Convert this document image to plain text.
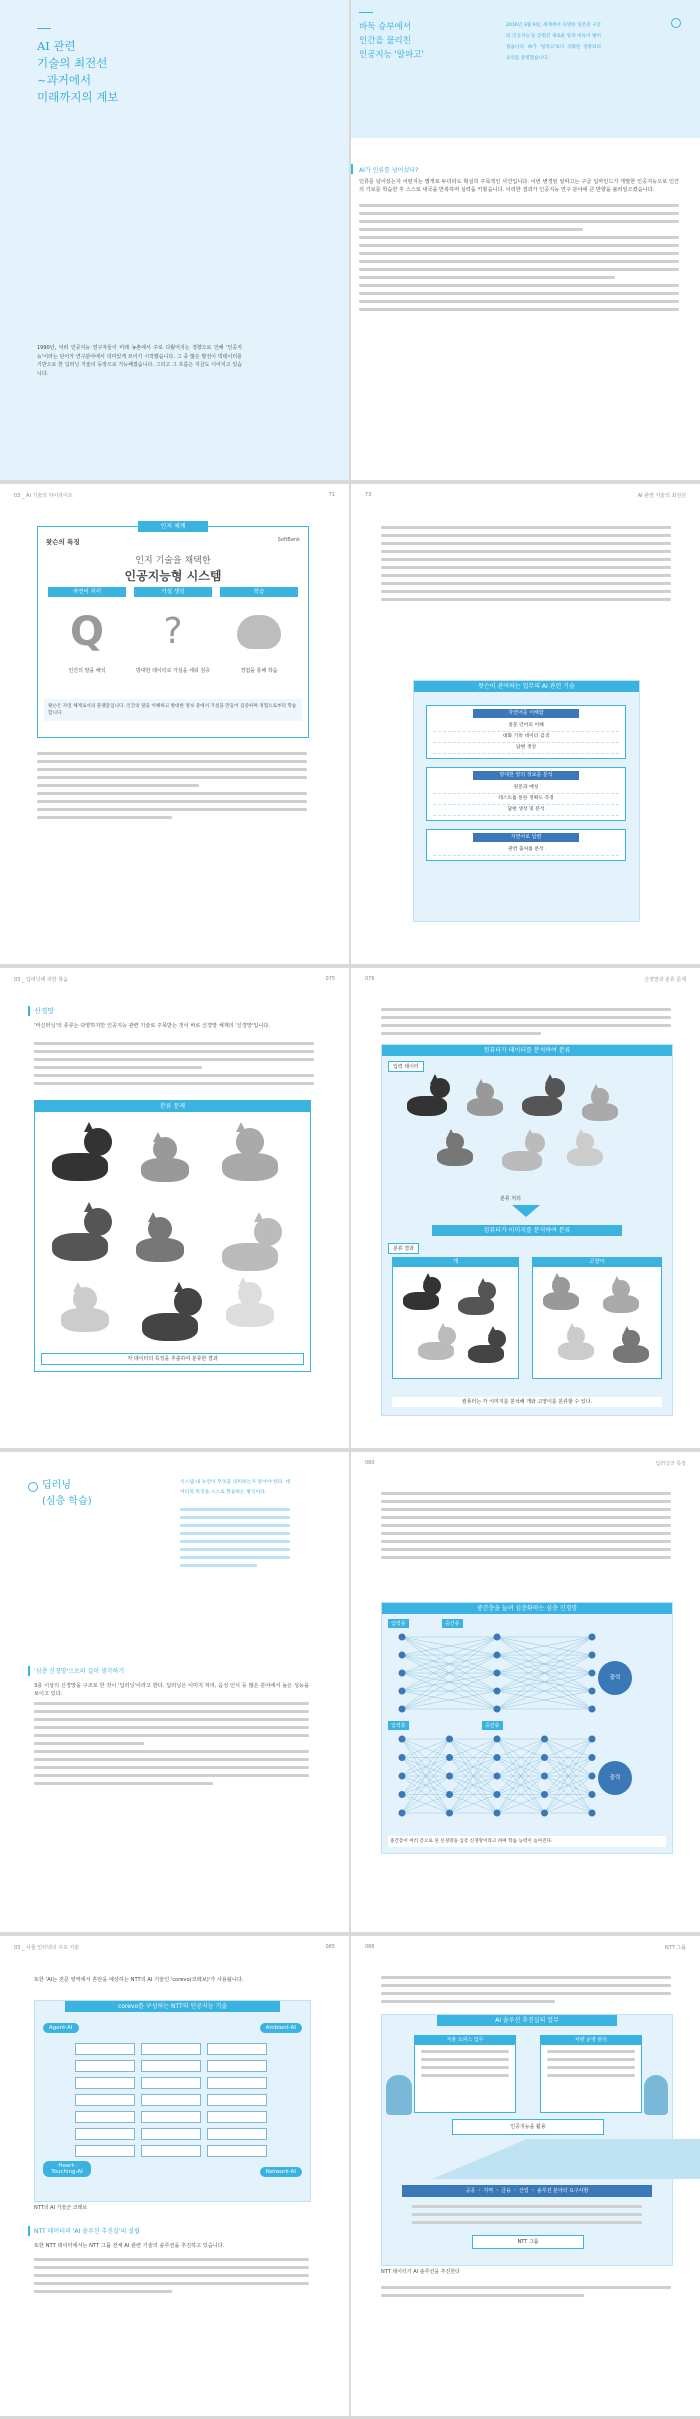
AI 관련
기술의 최전선
~과거에서
미래까지의 계보
1990년, 여러 인공지능 연구자들이 미래 농촌에서 주로 다뤘어지는 경향으로 인해 '인공지능'이라는 단어가 연구분야에서 의미있게 쓰이기 시작했습니다. 그 중 많은 발전이 빅데이터를 기반으로 한 딥러닝 기술의 등장으로 가능해졌습니다. 그리고 그 흐름은 지금도 이어지고 있습니다.
바둑 승부에서
인간을 물리친
인공지능 '알파고'
2016년 3월 9일, 세계에서 유명한 일본의 구글의 인공지능'을 갖춰진 새로운 알파 바둑이 벌어졌습니다. AI가 '알파고'보다 강화된 컴퓨터의 승리를 증명했습니다.
AI가 인류를 넘어섰다?
인류를 넘어섰는지 어떤지는 별개로 두더라도 확실히 주목적인 사건입니다. 이번 변경된 알파고는 구글 딥마인드가 개발한 인공지능으로 인간의 기보를 학습한 후 스스로 대국을 반복하며 실력을 키웠습니다. 이러한 결과가 인공지능 연구 분야에 큰 반향을 불러일으켰습니다.
03 _ AI 기술의 하이라이트	71
인지 체계
왓슨의 특징	SoftBank
인지 기술을 채택한
인공지능형 시스템
자연어 처리
Q
인간의 말을 해석
가설 생성
?
방대한 데이터로 가설을 세워 검증
학습
경험을 통해 학습
왓슨은 자연 체계로서의 플랫폼입니다. 인간의 말을 이해하고 방대한 정보 중에서 가설을 만들어 검증하며 경험으로부터 학습합니다.
73	AI 관련 기술의 최전선
왓슨이 관여하는 업무의 AI 관련 기술
자연어를 이해함
질문 언어의 이해
대화 기록 데이터 검색
답변 생성
방대한 양의 정보를 분석
원문과 매칭
테스트를 통한 정확도 측정
답변 생성 및 분석
자연어로 답변
관련 출처를 분석
03 _ 딥러닝에 의한 학습	075
신경망
'머신러닝'의 종류는 다양하지만 인공지능 관련 기술로 주목받는 것이 바로 신경망 체계의 '신경망'입니다.
분류 문제
각 데이터의 특징을 추출하여 분류한 결과
076	신경망과 분류 문제
컴퓨터가 데이터를 분석하여 분류
입력 데이터
분류 처리
컴퓨터가 이미지를 분석하여 분류
분류 결과
개	고양이
컴퓨터는 각 이미지를 분석해 개와 고양이를 분류할 수 있다.
딥러닝
(심층 학습)
시스템 내 뉴런이 무엇을 의미하는지 알아야 한다. 데이터의 특징을 스스로 학습하는 방식이다.
'심층 신경망'으로의 길이 생각하기
3층 이상의 신경망을 구조로 한 것이 '딥러닝'이라고 한다. 딥러닝은 이미지 처리, 음성 인식 등 많은 분야에서 높은 성능을 보이고 있다.
080	딥러닝의 특징
중간층을 늘려 심층화하는 심층 신경망
입력층	중간층
입력층	중간층
출력
출력
중간층이 여러 층으로 된 신경망을 심층 신경망이라고 하며 학습 능력이 높아진다.
03 _ 사물 인터넷의 주요 기술	085
또한 'AI는 전문 영역에서 혼란을 예상하는 NTT의 AI 기술인 'corevo(코레보)'가 사용됩니다.
corevo를 구성하는 NTT의 인공지능 기술
Agent-AI	Ambient-AI
Heart-Touching-AI	Network-AI
NTT의 AI 기술군 코레보
NTT 데이터의 'AI 솔루션 추진실'의 설립
또한 NTT 데이터에서는 NTT 그룹 전체 AI 관련 기술의 솔루션을 추진하고 있습니다.
086	NTT 그룹
AI 솔루션 추진실의 업무
자율 오피스 업무	차량 운영 관리
인공지능을 활용
공공 ・ 지역 ・ 금융 ・ 산업 ・ 솔루션 분야의 요구사항
NTT 그룹
NTT 데이터가 AI 솔루션을 추진한다
